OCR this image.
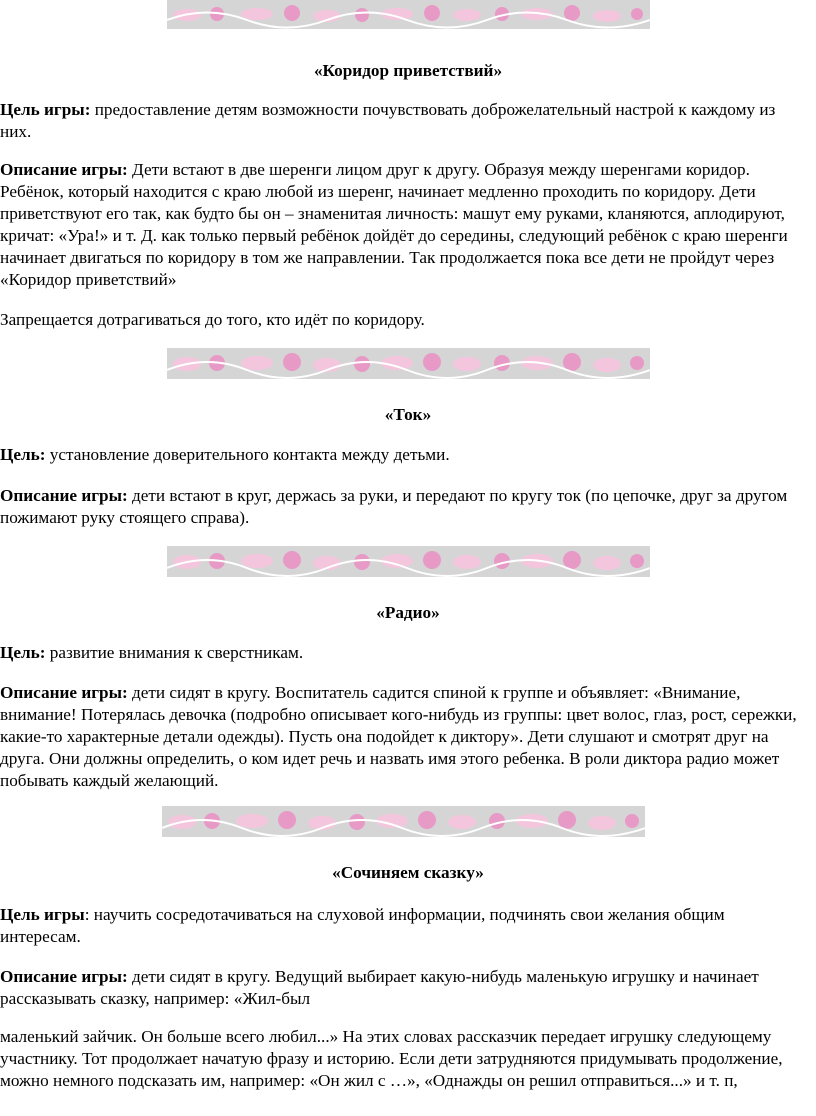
«Коридор приветствий»

Цель игры: предоставление детям возможности почувствовать доброжелательный настрой к каждому из них.

Описание игры: Дети встают в две шеренги лицом друг к другу. Образуя между шеренгами коридор. Ребёнок, который находится с краю любой из шеренг, начинает медленно проходить по коридору. Дети приветствуют его так, как будто бы он – знаменитая личность: машут ему руками, кланяются, аплодируют, кричат: «Ура!» и т. Д. как только первый ребёнок дойдёт до середины, следующий ребёнок с краю шеренги начинает двигаться по коридору в том же направлении. Так продолжается пока все дети не пройдут через «Коридор приветствий»

Запрещается дотрагиваться до того, кто идёт по коридору.

«Ток»

Цель: установление доверительного контакта между детьми.

Описание игры: дети встают в круг, держась за руки, и передают по кругу ток (по цепочке, друг за другом пожимают руку стоящего справа).

«Радио»

Цель: развитие внимания к сверстникам.

Описание игры: дети сидят в кругу. Воспитатель садится спиной к группе и объявляет: «Внимание, внимание! Потерялась девочка (подробно описывает кого-нибудь из группы: цвет волос, глаз, рост, сережки, какие-то характерные детали одежды). Пусть она подойдет к диктору». Дети слушают и смотрят друг на друга. Они должны определить, о ком идет речь и назвать имя этого ребенка. В роли диктора радио может побывать каждый желающий.

«Сочиняем сказку»

Цель игры: научить сосредотачиваться на слуховой информации, подчинять свои желания общим интересам.

Описание игры: дети сидят в кругу. Ведущий выбирает какую-нибудь маленькую игрушку и начинает рассказывать сказку, например: «Жил-был

маленький зайчик. Он больше всего любил...» На этих словах рассказчик передает игрушку следующему участнику. Тот продолжает начатую фразу и историю. Если дети затрудняются придумывать продолжение, можно немного подсказать им, например: «Он жил с …», «Однажды он решил отправиться...» и т. п,
